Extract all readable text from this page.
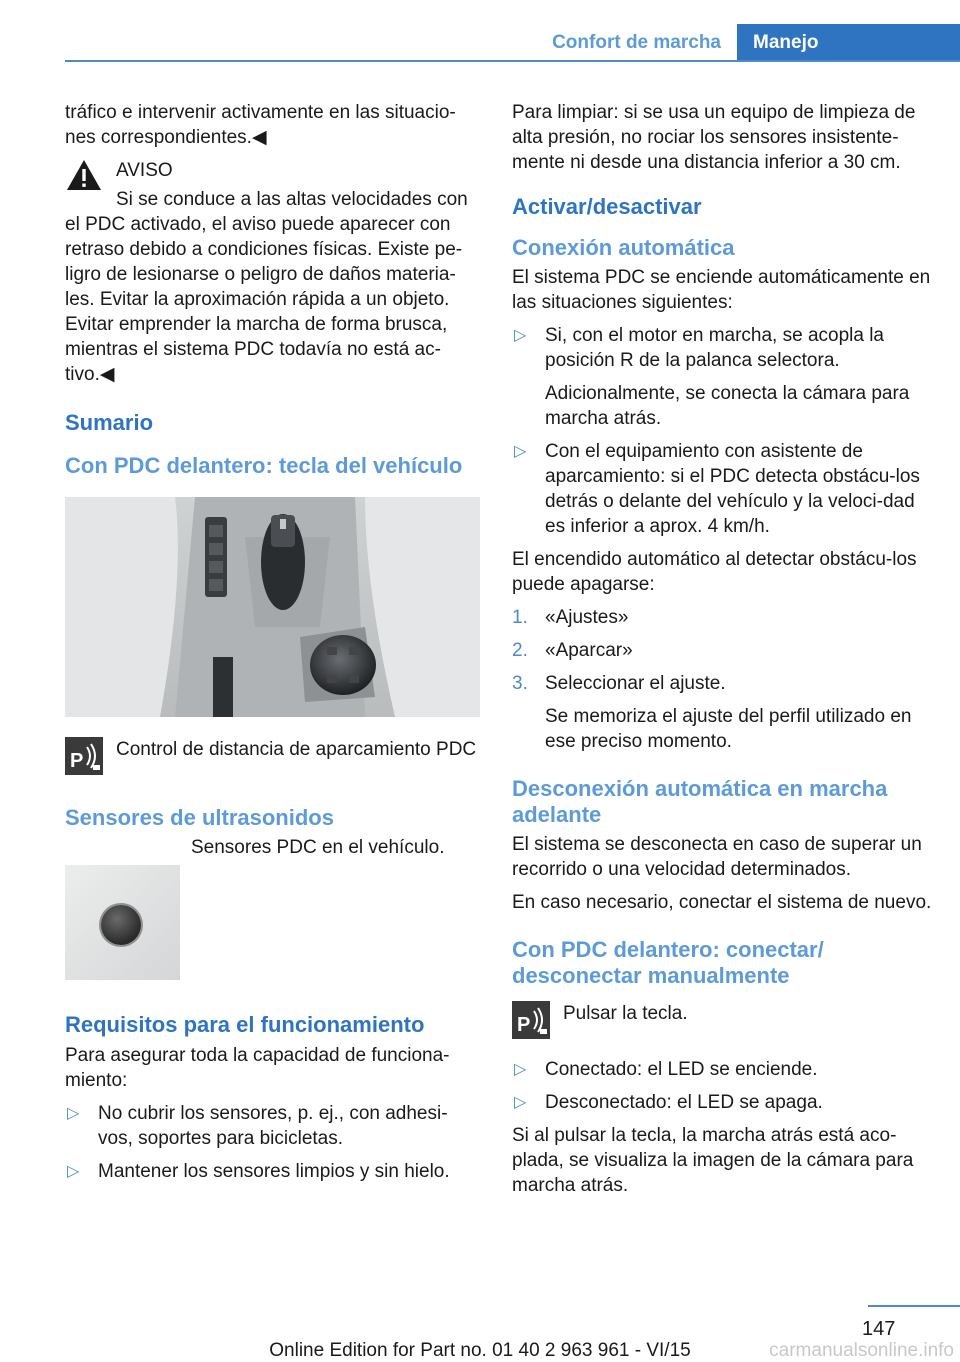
Confort de marcha	Manejo

tráfico e intervenir activamente en las situacio-nes correspondientes.◀

AVISO

Si se conduce a las altas velocidades con el PDC activado, el aviso puede aparecer con retraso debido a condiciones físicas. Existe pe-ligro de lesionarse o peligro de daños materia-les. Evitar la aproximación rápida a un objeto. Evitar emprender la marcha de forma brusca, mientras el sistema PDC todavía no está ac-tivo.◀

Sumario
Con PDC delantero: tecla del vehículo
P

Control de distancia de aparcamiento PDC

Sensores de ultrasonidos

Sensores PDC en el vehículo.

Requisitos para el funcionamiento

Para asegurar toda la capacidad de funciona-miento:

▷ No cubrir los sensores, p. ej., con adhesi-vos, soportes para bicicletas.
▷ Mantener los sensores limpios y sin hielo.

Para limpiar: si se usa un equipo de limpieza de alta presión, no rociar los sensores insistente-mente ni desde una distancia inferior a 30 cm.

Activar/desactivar
Conexión automática

El sistema PDC se enciende automáticamente en las situaciones siguientes:

▷ Si, con el motor en marcha, se acopla la posición R de la palanca selectora.
Adicionalmente, se conecta la cámara para marcha atrás.
▷ Con el equipamiento con asistente de aparcamiento: si el PDC detecta obstácu-los detrás o delante del vehículo y la veloci-dad es inferior a aprox. 4 km/h.

El encendido automático al detectar obstácu-los puede apagarse:

1. «Ajustes»
2. «Aparcar»
3. Seleccionar el ajuste.
Se memoriza el ajuste del perfil utilizado en ese preciso momento.
Desconexión automática en marcha adelante

El sistema se desconecta en caso de superar un recorrido o una velocidad determinados.

En caso necesario, conectar el sistema de nuevo.

Con PDC delantero: conectar/ desconectar manualmente
P

Pulsar la tecla.

▷ Conectado: el LED se enciende.
▷ Desconectado: el LED se apaga.

Si al pulsar la tecla, la marcha atrás está aco-plada, se visualiza la imagen de la cámara para marcha atrás.

147
Online Edition for Part no. 01 40 2 963 961 - VI/15	carmanualsonline.info
